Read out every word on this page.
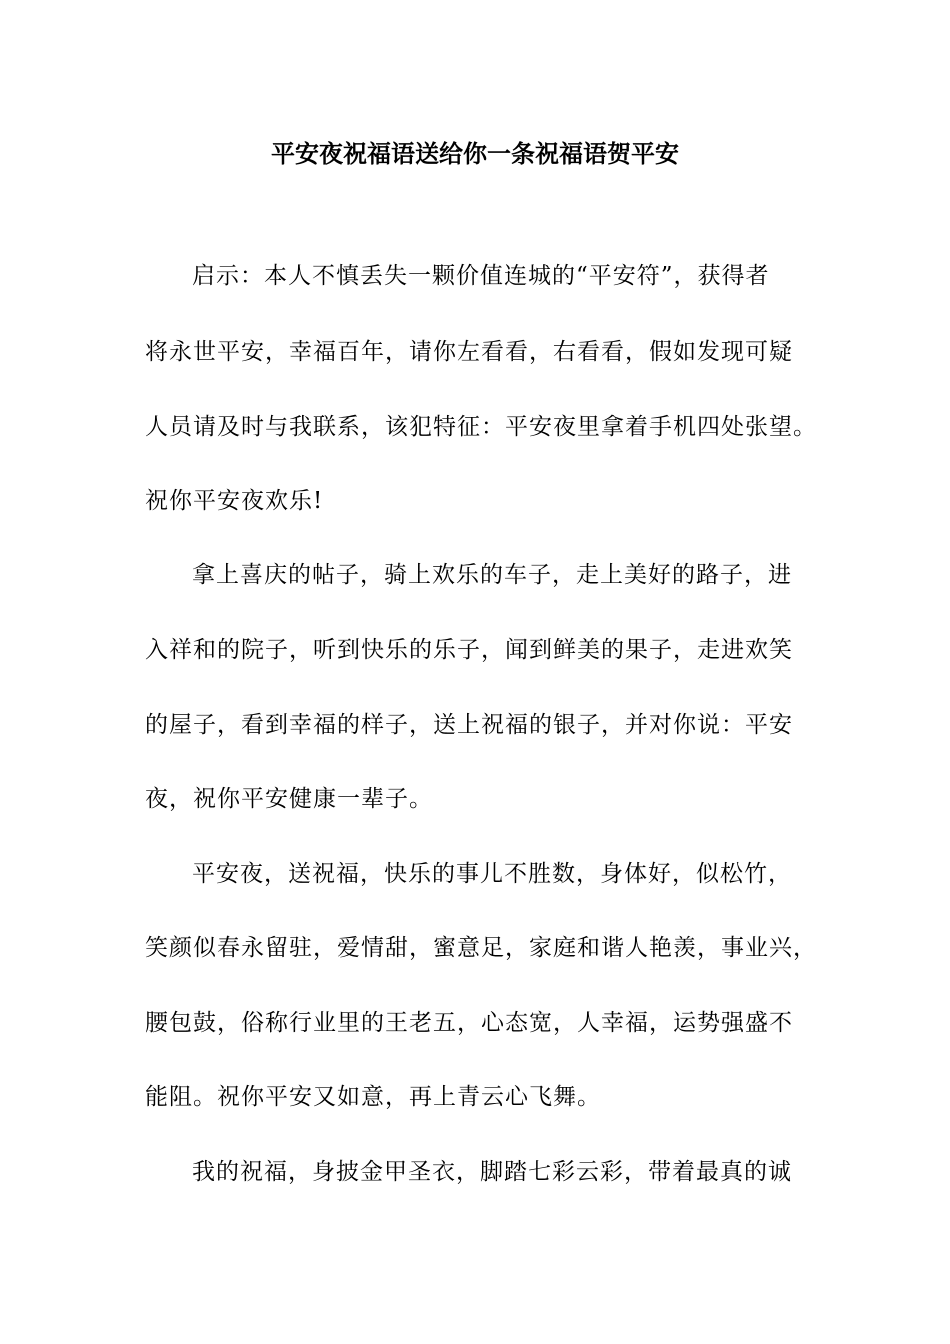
平安夜祝福语送给你一条祝福语贺平安
启示：本人不慎丢失一颗价值连城的“平安符”，获得者
将永世平安，幸福百年，请你左看看，右看看，假如发现可疑
人员请及时与我联系，该犯特征：平安夜里拿着手机四处张望。
祝你平安夜欢乐!
拿上喜庆的帖子，骑上欢乐的车子，走上美好的路子，进
入祥和的院子，听到快乐的乐子，闻到鲜美的果子，走进欢笑
的屋子，看到幸福的样子，送上祝福的银子，并对你说：平安
夜，祝你平安健康一辈子。
平安夜，送祝福，快乐的事儿不胜数，身体好，似松竹，
笑颜似春永留驻，爱情甜，蜜意足，家庭和谐人艳羡，事业兴，
腰包鼓，俗称行业里的王老五，心态宽，人幸福，运势强盛不
能阻。祝你平安又如意，再上青云心飞舞。
我的祝福，身披金甲圣衣，脚踏七彩云彩，带着最真的诚
